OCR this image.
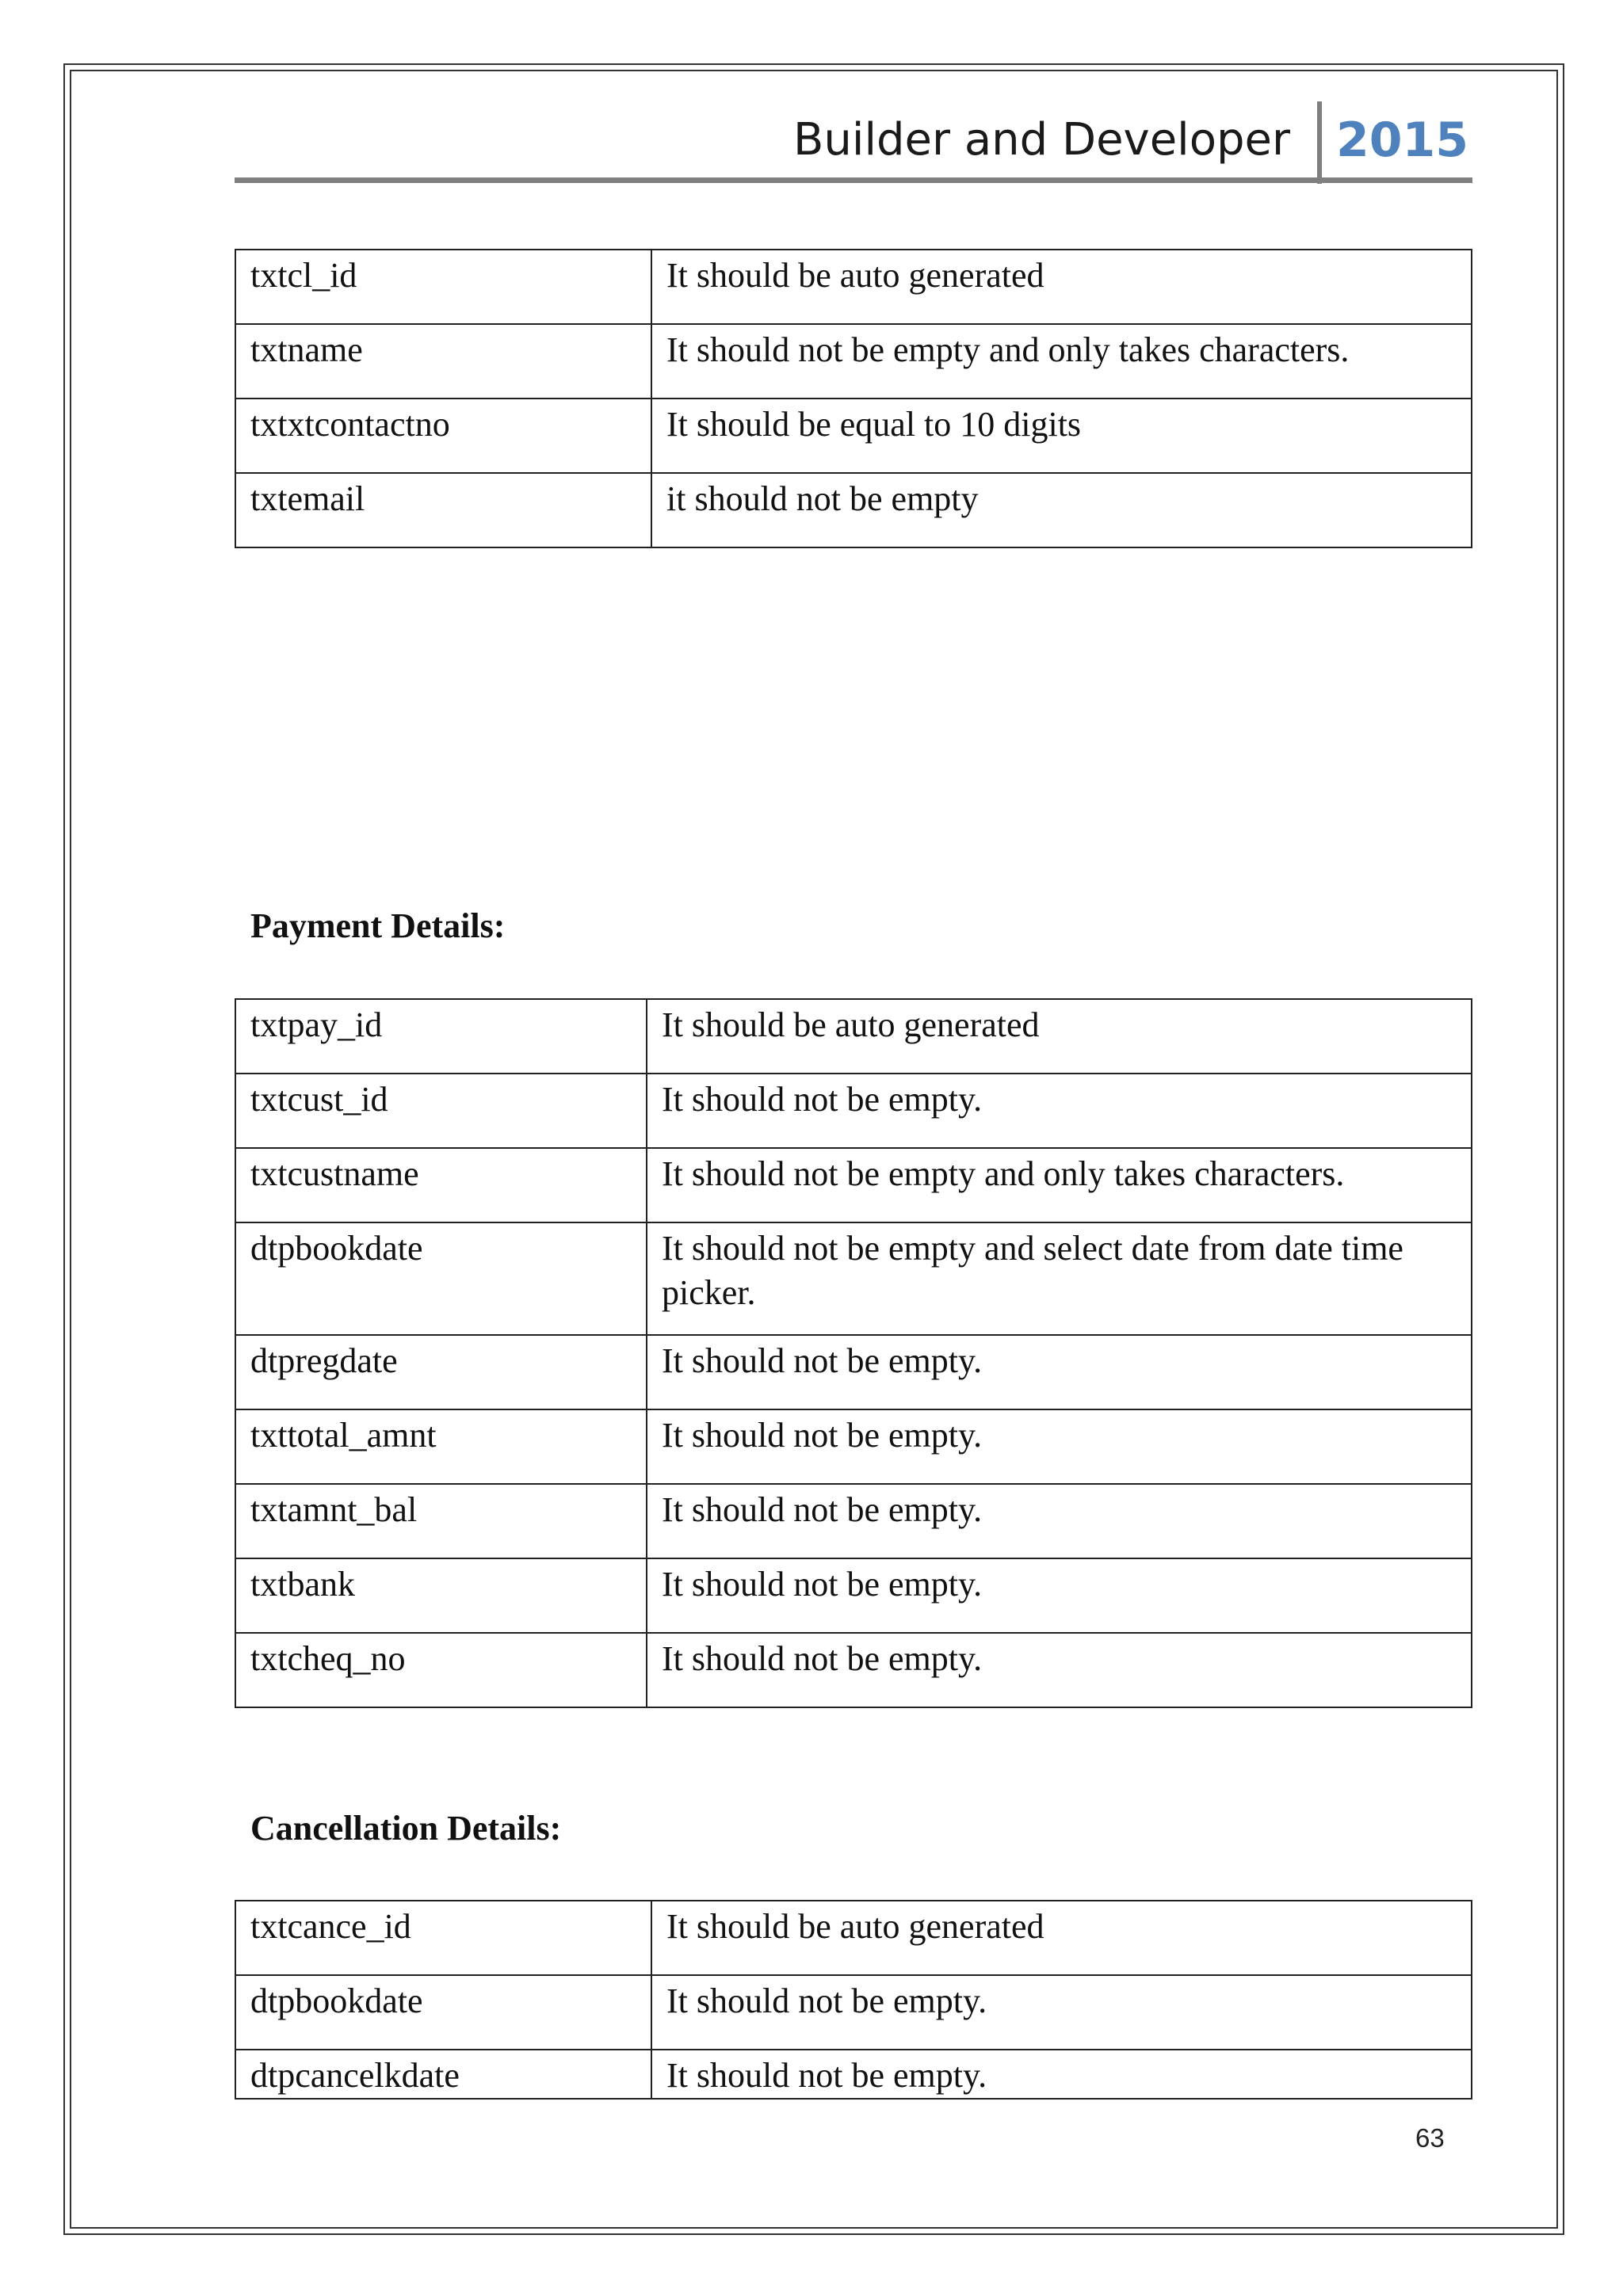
Builder and Developer 2015
txtcl_id	It should be auto generated
txtname	It should not be empty and only takes characters.
txtxtcontactno	It should be equal to 10 digits
txtemail	it should not be empty
Payment Details:
txtpay_id	It should be auto generated
txtcust_id	It should not be empty.
txtcustname	It should not be empty and only takes characters.
dtpbookdate	It should not be empty and select date from date time picker.
dtpregdate	It should not be empty.
txttotal_amnt	It should not be empty.
txtamnt_bal	It should not be empty.
txtbank	It should not be empty.
txtcheq_no	It should not be empty.
Cancellation Details:
txtcance_id	It should be auto generated
dtpbookdate	It should not be empty.
dtpcancelkdate	It should not be empty.
63
